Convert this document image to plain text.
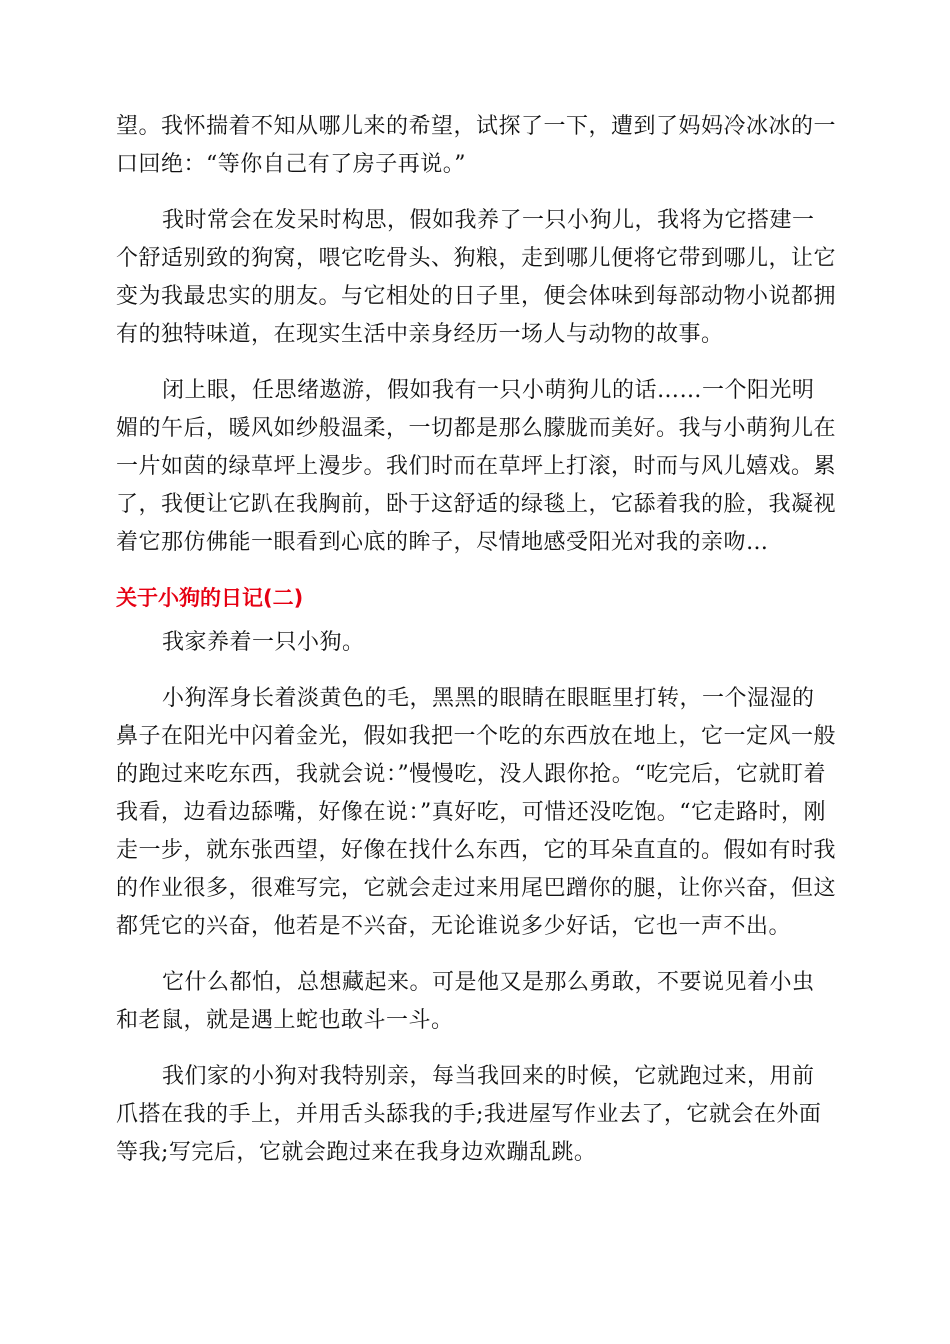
望。我怀揣着不知从哪儿来的希望，试探了一下，遭到了妈妈冷冰冰的一口回绝：“等你自己有了房子再说。”

我时常会在发呆时构思，假如我养了一只小狗儿，我将为它搭建一个舒适别致的狗窝，喂它吃骨头、狗粮，走到哪儿便将它带到哪儿，让它变为我最忠实的朋友。与它相处的日子里，便会体味到每部动物小说都拥有的独特味道，在现实生活中亲身经历一场人与动物的故事。

闭上眼，任思绪遨游，假如我有一只小萌狗儿的话……一个阳光明媚的午后，暖风如纱般温柔，一切都是那么朦胧而美好。我与小萌狗儿在一片如茵的绿草坪上漫步。我们时而在草坪上打滚，时而与风儿嬉戏。累了，我便让它趴在我胸前，卧于这舒适的绿毯上，它舔着我的脸，我凝视着它那仿佛能一眼看到心底的眸子，尽情地感受阳光对我的亲吻…

关于小狗的日记(二)

我家养着一只小狗。

小狗浑身长着淡黄色的毛，黑黑的眼睛在眼眶里打转，一个湿湿的鼻子在阳光中闪着金光，假如我把一个吃的东西放在地上，它一定风一般的跑过来吃东西，我就会说：”慢慢吃，没人跟你抢。“吃完后，它就盯着我看，边看边舔嘴，好像在说：”真好吃，可惜还没吃饱。“它走路时，刚走一步，就东张西望，好像在找什么东西，它的耳朵直直的。假如有时我的作业很多，很难写完，它就会走过来用尾巴蹭你的腿，让你兴奋，但这都凭它的兴奋，他若是不兴奋，无论谁说多少好话，它也一声不出。

它什么都怕，总想藏起来。可是他又是那么勇敢，不要说见着小虫和老鼠，就是遇上蛇也敢斗一斗。

我们家的小狗对我特别亲，每当我回来的时候，它就跑过来，用前爪搭在我的手上，并用舌头舔我的手;我进屋写作业去了，它就会在外面等我;写完后，它就会跑过来在我身边欢蹦乱跳。
